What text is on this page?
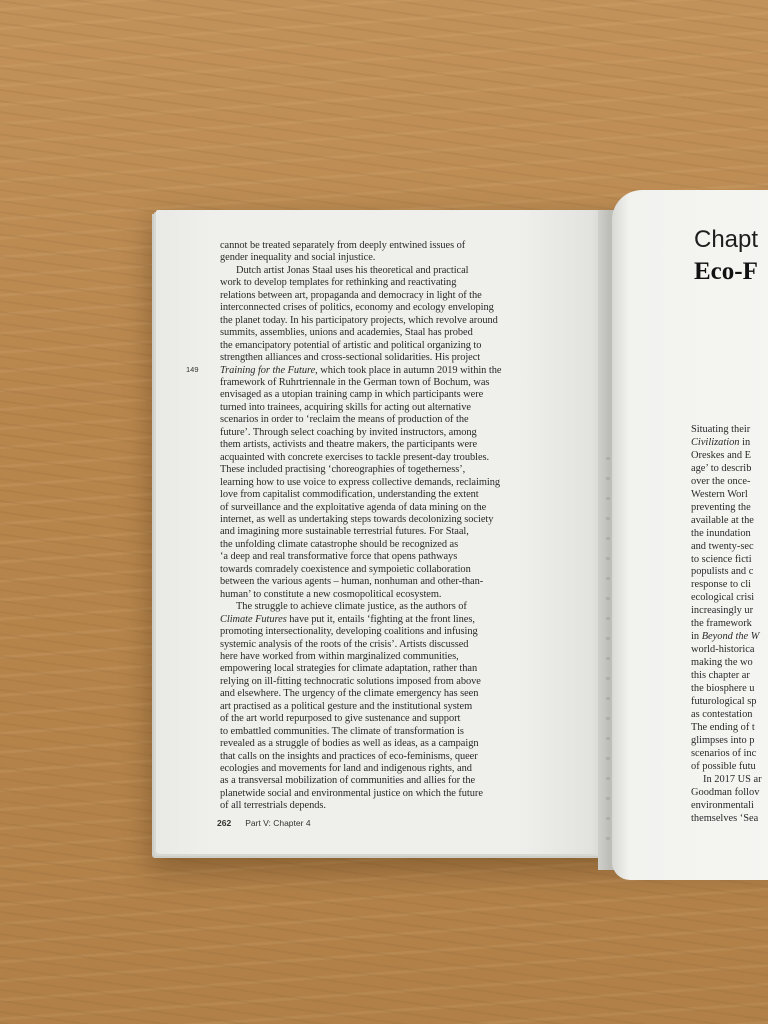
149
cannot be treated separately from deeply entwined issues of
gender inequality and social injustice.
Dutch artist Jonas Staal uses his theoretical and practical
work to develop templates for rethinking and reactivating
relations between art, propaganda and democracy in light of the
interconnected crises of politics, economy and ecology enveloping
the planet today. In his participatory projects, which revolve around
summits, assemblies, unions and academies, Staal has probed
the emancipatory potential of artistic and political organizing to
strengthen alliances and cross-sectional solidarities. His project
Training for the Future, which took place in autumn 2019 within the
framework of Ruhrtriennale in the German town of Bochum, was
envisaged as a utopian training camp in which participants were
turned into trainees, acquiring skills for acting out alternative
scenarios in order to ‘reclaim the means of production of the
future’. Through select coaching by invited instructors, among
them artists, activists and theatre makers, the participants were
acquainted with concrete exercises to tackle present-day troubles.
These included practising ‘choreographies of togetherness’,
learning how to use voice to express collective demands, reclaiming
love from capitalist commodification, understanding the extent
of surveillance and the exploitative agenda of data mining on the
internet, as well as undertaking steps towards decolonizing society
and imagining more sustainable terrestrial futures. For Staal,
the unfolding climate catastrophe should be recognized as
‘a deep and real transformative force that opens pathways
towards comradely coexistence and sympoietic collaboration
between the various agents – human, nonhuman and other-than-
human’ to constitute a new cosmopolitical ecosystem.
The struggle to achieve climate justice, as the authors of
Climate Futures have put it, entails ‘fighting at the front lines,
promoting intersectionality, developing coalitions and infusing
systemic analysis of the roots of the crisis’. Artists discussed
here have worked from within marginalized communities,
empowering local strategies for climate adaptation, rather than
relying on ill-fitting technocratic solutions imposed from above
and elsewhere. The urgency of the climate emergency has seen
art practised as a political gesture and the institutional system
of the art world repurposed to give sustenance and support
to embattled communities. The climate of transformation is
revealed as a struggle of bodies as well as ideas, as a campaign
that calls on the insights and practices of eco-feminisms, queer
ecologies and movements for land and indigenous rights, and
as a transversal mobilization of communities and allies for the
planetwide social and environmental justice on which the future
of all terrestrials depends.
262 Part V: Chapter 4
Chapt
Eco-F
Situating their
Civilization in
Oreskes and E
age’ to describ
over the once-
Western Worl
preventing the
available at the
the inundation
and twenty-sec
to science ficti
populists and c
response to cli
ecological crisi
increasingly ur
the framework
in Beyond the W
world-historica
making the wo
this chapter ar
the biosphere u
futurological sp
as contestation
The ending of t
glimpses into p
scenarios of inc
of possible futu
In 2017 US ar
Goodman follov
environmentali
themselves ‘Sea
